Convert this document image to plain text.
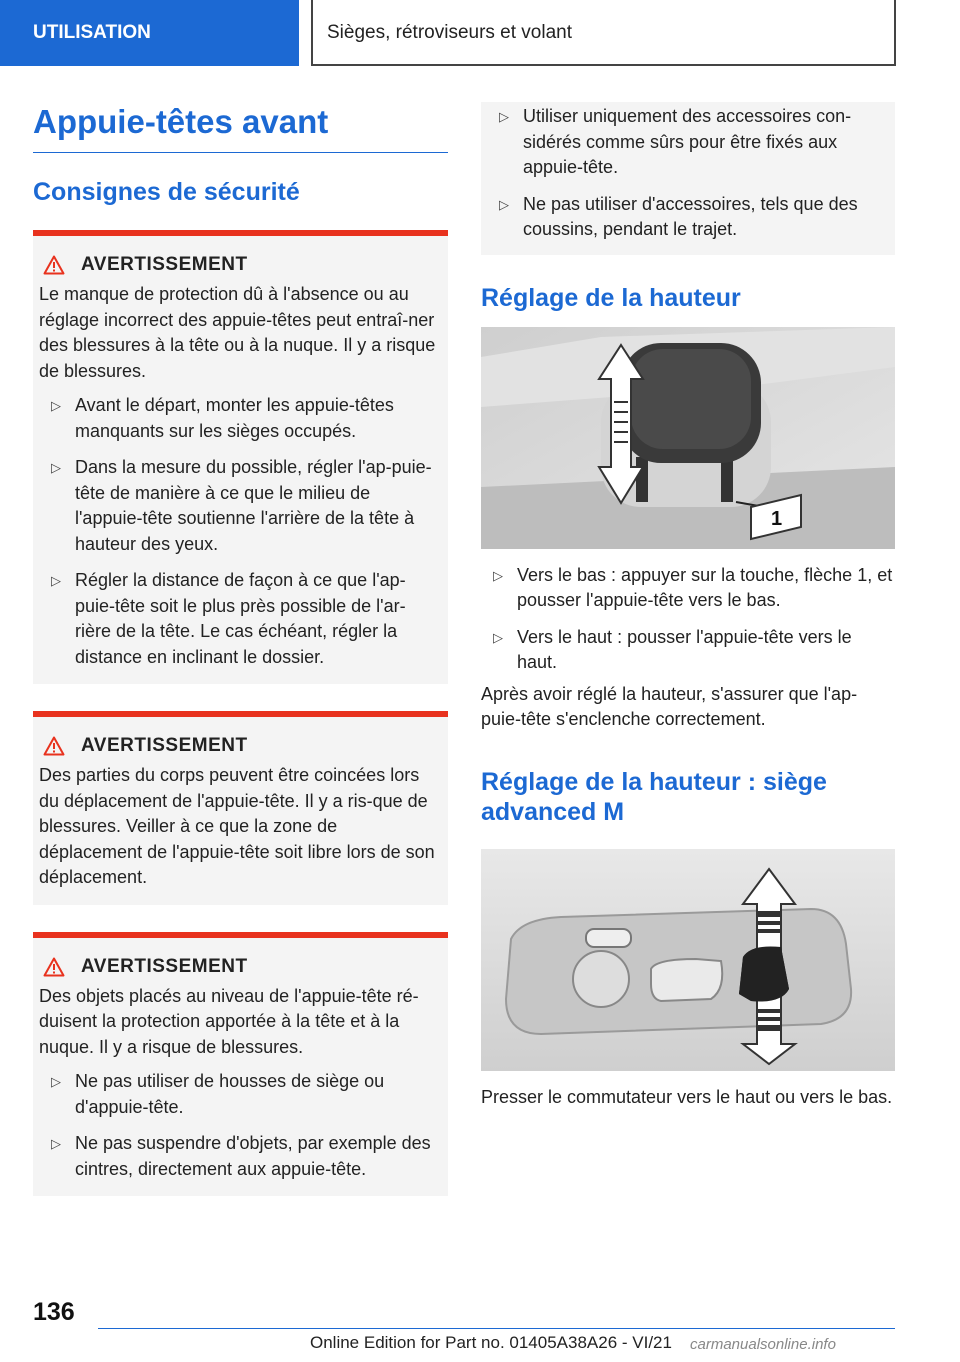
UTILISATION	Sièges, rétroviseurs et volant
Appuie-têtes avant
Consignes de sécurité
AVERTISSEMENT
Le manque de protection dû à l'absence ou au réglage incorrect des appuie-têtes peut entraî-ner des blessures à la tête ou à la nuque. Il y a risque de blessures.
▷ Avant le départ, monter les appuie-têtes manquants sur les sièges occupés.
▷ Dans la mesure du possible, régler l'ap-puie-tête de manière à ce que le milieu de l'appuie-tête soutienne l'arrière de la tête à hauteur des yeux.
▷ Régler la distance de façon à ce que l'ap-puie-tête soit le plus près possible de l'ar-rière de la tête. Le cas échéant, régler la distance en inclinant le dossier.
AVERTISSEMENT
Des parties du corps peuvent être coincées lors du déplacement de l'appuie-tête. Il y a ris-que de blessures. Veiller à ce que la zone de déplacement de l'appuie-tête soit libre lors de son déplacement.
AVERTISSEMENT
Des objets placés au niveau de l'appuie-tête ré-duisent la protection apportée à la tête et à la nuque. Il y a risque de blessures.
▷ Ne pas utiliser de housses de siège ou d'appuie-tête.
▷ Ne pas suspendre d'objets, par exemple des cintres, directement aux appuie-tête.
▷ Utiliser uniquement des accessoires con-sidérés comme sûrs pour être fixés aux appuie-tête.
▷ Ne pas utiliser d'accessoires, tels que des coussins, pendant le trajet.
Réglage de la hauteur
1
▷ Vers le bas : appuyer sur la touche, flèche 1, et pousser l'appuie-tête vers le bas.
▷ Vers le haut : pousser l'appuie-tête vers le haut.
Après avoir réglé la hauteur, s'assurer que l'ap-puie-tête s'enclenche correctement.
Réglage de la hauteur : siège advanced M
Presser le commutateur vers le haut ou vers le bas.
136
Online Edition for Part no. 01405A38A26 - VI/21 carmanualsonline.info
